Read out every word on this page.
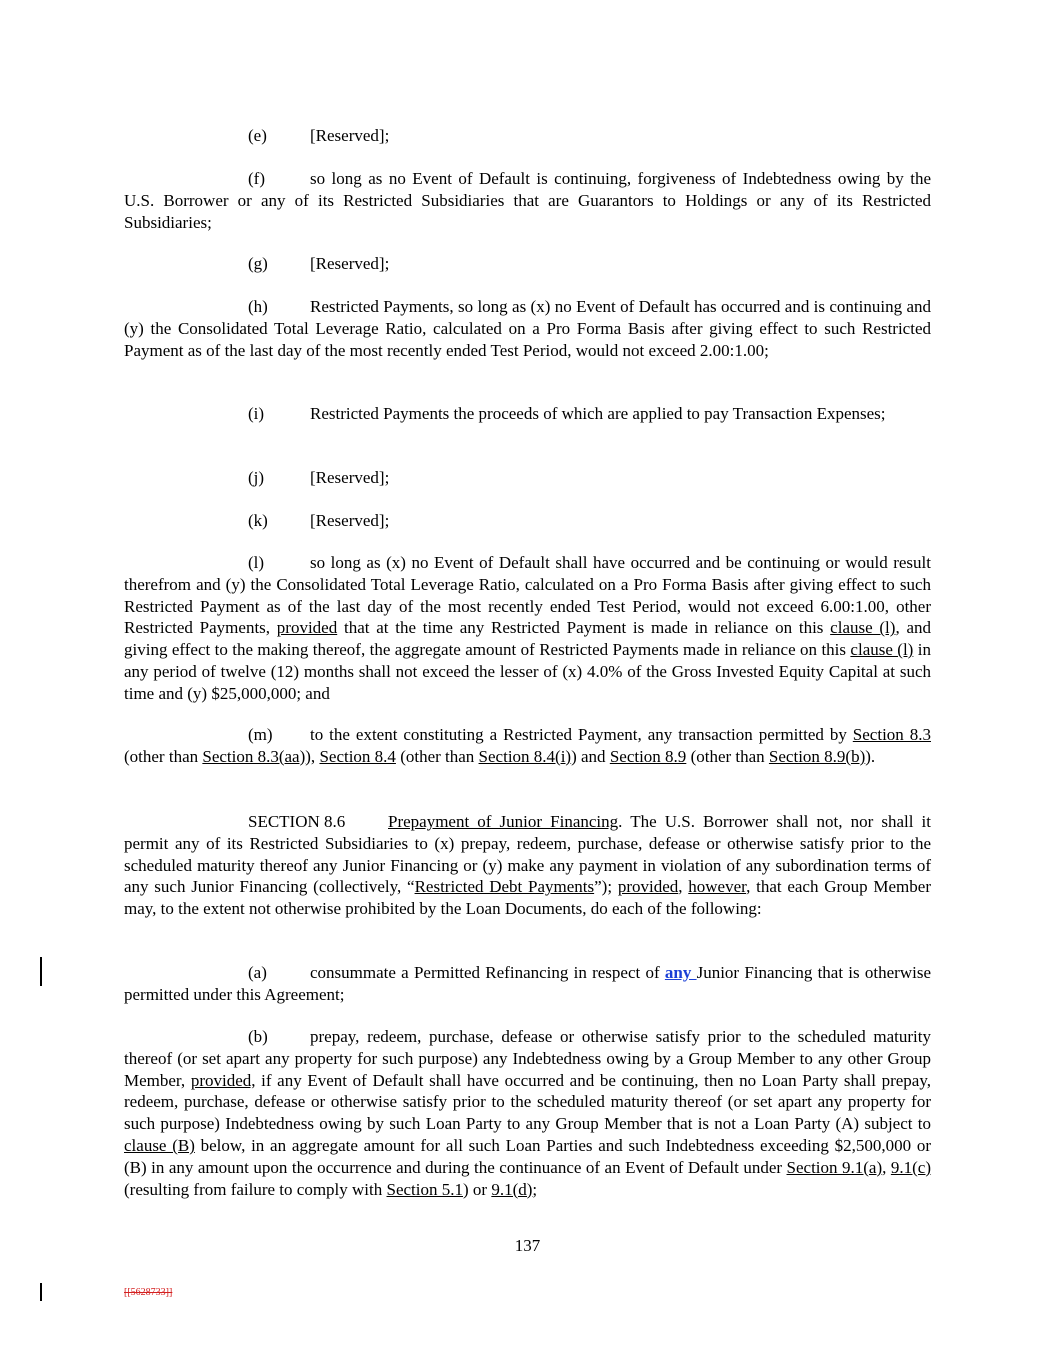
(e)	[Reserved];

(f)	so long as no Event of Default is continuing, forgiveness of Indebtedness owing by the U.S. Borrower or any of its Restricted Subsidiaries that are Guarantors to Holdings or any of its Restricted Subsidiaries;

(g) [Reserved];

(h) Restricted Payments, so long as (x) no Event of Default has occurred and is continuing and (y) the Consolidated Total Leverage Ratio, calculated on a Pro Forma Basis after giving effect to such Restricted Payment as of the last day of the most recently ended Test Period, would not exceed 2.00:1.00;

(i)	Restricted Payments the proceeds of which are applied to pay Transaction Expenses;

(j)	[Reserved];

(k) [Reserved];

(l)	so long as (x) no Event of Default shall have occurred and be continuing or would result therefrom and (y) the Consolidated Total Leverage Ratio, calculated on a Pro Forma Basis after giving effect to such Restricted Payment as of the last day of the most recently ended Test Period, would not exceed 6.00:1.00, other Restricted Payments, provided that at the time any Restricted Payment is made in reliance on this clause (l), and giving effect to the making thereof, the aggregate amount of Restricted Payments made in reliance on this clause (l) in any period of twelve (12) months shall not exceed the lesser of (x) 4.0% of the Gross Invested Equity Capital at such time and (y) $25,000,000; and

(m) to the extent constituting a Restricted Payment, any transaction permitted by Section 8.3 (other than Section 8.3(aa)), Section 8.4 (other than Section 8.4(i)) and Section 8.9 (other than Section 8.9(b)).

SECTION 8.6	Prepayment of Junior Financing. The U.S. Borrower shall not, nor shall it permit any of its Restricted Subsidiaries to (x) prepay, redeem, purchase, defease or otherwise satisfy prior to the scheduled maturity thereof any Junior Financing or (y) make any payment in violation of any subordination terms of any such Junior Financing (collectively, “Restricted Debt Payments”); provided, however, that each Group Member may, to the extent not otherwise prohibited by the Loan Documents, do each of the following:

(a)	consummate a Permitted Refinancing in respect of any Junior Financing that is otherwise permitted under this Agreement;

(b) prepay, redeem, purchase, defease or otherwise satisfy prior to the scheduled maturity thereof (or set apart any property for such purpose) any Indebtedness owing by a Group Member to any other Group Member, provided, if any Event of Default shall have occurred and be continuing, then no Loan Party shall prepay, redeem, purchase, defease or otherwise satisfy prior to the scheduled maturity thereof (or set apart any property for such purpose) Indebtedness owing by such Loan Party to any Group Member that is not a Loan Party (A) subject to clause (B) below, in an aggregate amount for all such Loan Parties and such Indebtedness exceeding $2,500,000 or (B) in any amount upon the occurrence and during the continuance of an Event of Default under Section 9.1(a), 9.1(c) (resulting from failure to comply with Section 5.1) or 9.1(d);

137
[[5628733]]
